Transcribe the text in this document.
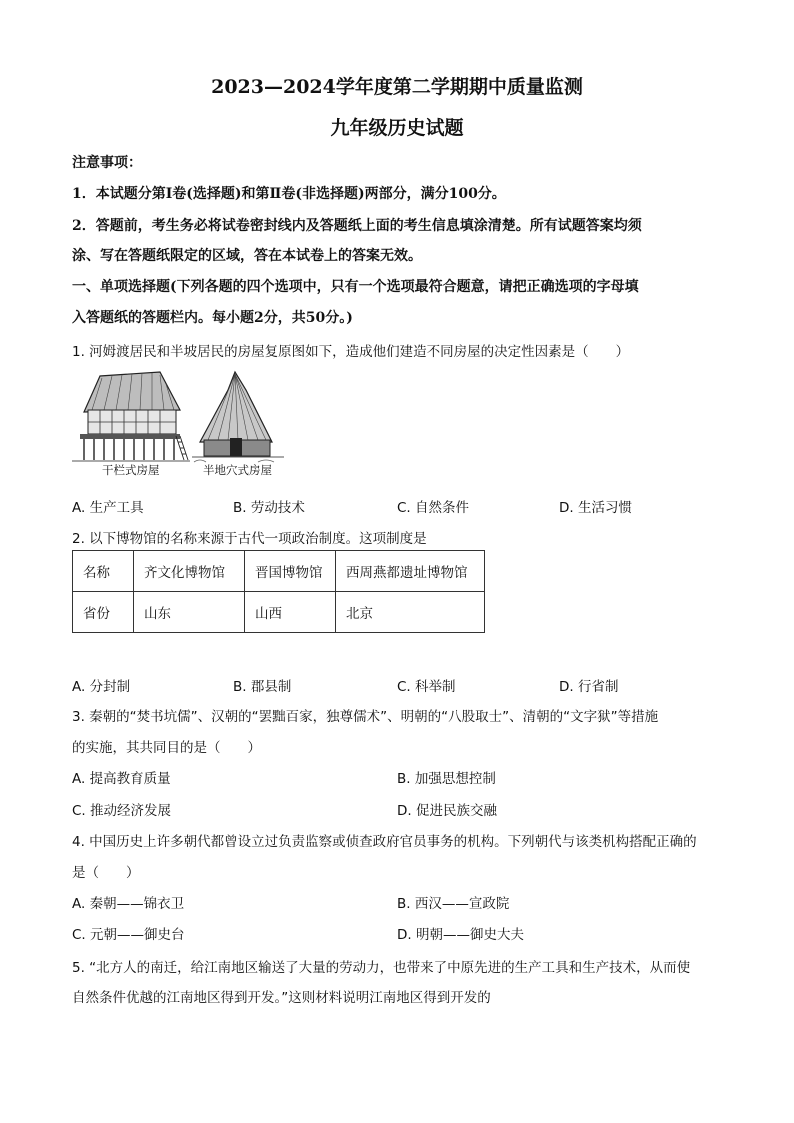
2023—2024学年度第二学期期中质量监测
九年级历史试题
注意事项：
1．本试题分第Ⅰ卷(选择题)和第Ⅱ卷(非选择题)两部分，满分100分。
2．答题前，考生务必将试卷密封线内及答题纸上面的考生信息填涂清楚。所有试题答案均须
涂、写在答题纸限定的区域，答在本试卷上的答案无效。
一、单项选择题(下列各题的四个选项中，只有一个选项最符合题意，请把正确选项的字母填
入答题纸的答题栏内。每小题2分，共50分。)
1. 河姆渡居民和半坡居民的房屋复原图如下，造成他们建造不同房屋的决定性因素是（　　）
干栏式房屋	半地穴式房屋
A. 生产工具	B. 劳动技术	C. 自然条件	D. 生活习惯
2. 以下博物馆的名称来源于古代一项政治制度。这项制度是
名称	齐文化博物馆	晋国博物馆	西周燕都遗址博物馆
省份	山东	山西	北京
A. 分封制	B. 郡县制	C. 科举制	D. 行省制
3. 秦朝的“焚书坑儒”、汉朝的“罢黜百家，独尊儒术”、明朝的“八股取士”、清朝的“文字狱”等措施
的实施，其共同目的是（　　）
A. 提高教育质量	B. 加强思想控制
C. 推动经济发展	D. 促进民族交融
4. 中国历史上许多朝代都曾设立过负责监察或侦查政府官员事务的机构。下列朝代与该类机构搭配正确的
是（　　）
A. 秦朝——锦衣卫	B. 西汉——宣政院
C. 元朝——御史台	D. 明朝——御史大夫
5. “北方人的南迁，给江南地区输送了大量的劳动力，也带来了中原先进的生产工具和生产技术，从而使
自然条件优越的江南地区得到开发。”这则材料说明江南地区得到开发的
